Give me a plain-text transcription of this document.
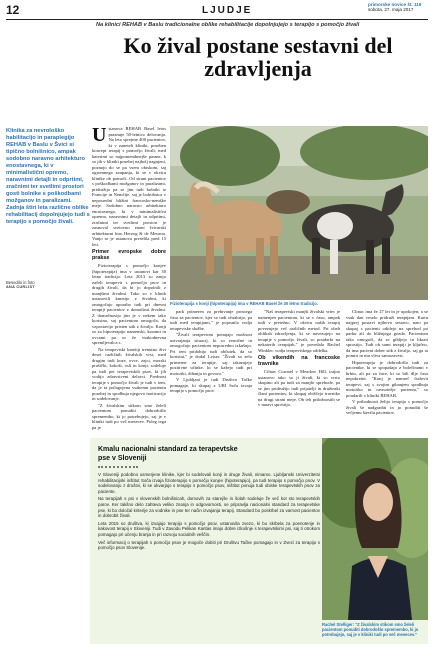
12	LJUDJE	primorske novice št. 119
sobota, 27. maja 2017
Na klinici REHAB v Baslu tradicionalne oblike rehabilitacije dopolnjujejo s terapijo s pomočjo živali
Ko žival postane sestavni del zdravljenja
Klinika za nevrološko habilitacijo in paraplegijo REHAB v Baslu v Švici si tipično bolnišnico, ampak sodobno naravno arhitekturo enostavnega, ki v minimalistični opremo, naravnimi detajli in odprtimi, zračnimi ter svetlimi prostori gosti bolnike s poškodbami možganov in paralizami. Zadnja štiri leta različne oblike rehabilitacij dopolnjujejo tudi s terapijo s pomočjo živali.
Besedilo in foto
ANA CURLIST

Ustanova REHAB Basel letos praznuje 50-letnico delovanja. Na leto sprejme 400 pacientov, ki v zaneteli kliniki, poseben koncept terapij s pomočjo živali, med katerimi so najpomembnejše pasme, k so jih v kliniki posebej najbolj nagnjeni, poznajo do se pa vsem obiskom, saj ogromnega zaupanja, ki se v okviru klinike ob pomoči. Od strani pacientov s poškodbami možganov in paralizami, pridružijo pa se jim tudi bolniki iz Francije in Nemčije, saj je bolnišnica v neposredni bližini francosko-nemške meje. Sodobno naravno arhitekturo enostavnega, ki v minimalistični opremo, naravnimi detajli in odprtimi, zračnimi ter svetlimi prostori je zasnoval svetovno znani švicarski arhitekturni biro Herzog & de Meuron. Vanjo se je ustanova preselila pred 15 leti.

Primer evropske dobre prakse

Fizioterapija s pomočjo konjev (hipoterapija) ima v ustanovi kar 30 letno tradicijo. Leta 2013 so zanjo začeli terapevti s pomočjo psov in drugih živali, da bi jo dopolnili z manjšimi živalmi. Tako so v klinik ustanovili kmetijo z živalmi, ki omogočajo uporabo tudi pri dnevni terapiji pacientov z domačimi živalmi. Z domačnostjo jim je v nekem tako koristno, saj pacientom omogoča, da vzpostavijo pristen stik z živaljo. Konji so za hipoterapijo namenski, kozami in ovcami pa so že vsakodnevna spremljevalca s.

Na terapevtski kmetiji trenutno živi deset različnih živalskih vrst, med drugim tudi koze, ovce, zajci, morski prašički, kokoši, osli in konji, sodeluje pa tudi pet terapevtskih psov, ki jih vodijo zdravstveni delavci. Prednost terapije s pomočjo živali je tudi v tem, da je ta prilagojena vsakemu pacientu posebej in spodbuja njegovo motivacijo in sodelovanje.

"Z živalskim stikom smo želeli pacientom ponuditi dobrodošlo spremembo, ki jo potrebujejo, saj je v kliniki tudi po več mesecev. Poleg tega pa je

Fizioterapija s konji (hipoterapija) ima v REHAB Basel že 30 letno tradicijo.

park primeren za prebivanje prostega časa za pacientov, kjer se tudi ohrabrijo, pa tudi med terapijami," je pojasnila vodja terapevtske službe.

"Živali terapevtom ponujajo možnost ustvarjanja situacij, ki so resnične in omogočajo pacientom neposredno izkušnjo. Pri tem pridobijo tudi občutek, da so koristni," je dodal Leiser. "Živali so zelo primerne za terapije, saj izkazujejo pozitivne učinke, ki se kažejo tudi pri motoriki, dihanju in govoru."

V Ljubljani je tudi Društvo Tačke pomagajo, ki skupaj z URI Soča izvaja terapijo s pomočjo psov.

"Naš terapevtski manjši živalski vrtec je namenjen pacientom, ki se v času, ampak tudi v pretežno. V okviru naših terapij povezujejo več različnih metod. Pri obeh oblikah zdravljenja, ki se navezujejo na terapije s pomočjo živali, so poudarki na nekaterih terapijah," je povedala Rachel Winkler, vodja terapevtskega oddelka.

Ob vikendih na francoske travnike

Cilnac Coronel v Meadow Hill, trajno ustanovo tako so ji živali, ki so vrsto skupino ali pa tudi za manjše sprehode, pa se jim pridružijo tudi prijatelji in družinski člani pacientov, ki skupaj obiščejo travnike na drugi strani meje. Ob teh priložnostih se v naravi sprostijo.

Clinac ima že 27 let in je upokojen, a se vsak dan veselo pridruži terapijam. Kartu najprej postavi njihovo sestavo, nato pa skupaj s pacienti odidejo na sprehod po parku ali do bližnjega gozda. Pacientom tako omogoči, da se gibljejo in hkrati sprostijo. Tudi ob sami terapiji je ključno, da ima pacient dober stik z živaljo, saj ga ta pomiri in mu vliva samozavest.

Hipoterapija je dobrodošla tudi za pacientke, ki se spopadajo z bolečinami v hrbtu, ali pa za tiste, ki so bili dlje časa nepokretni. "Konj je namreč čudovit terapevt, saj s svojim gibanjem spodbuja motoriko in ravnotežje pacienta," so poudarili v kliniki REHAB.

V prihodnosti želijo terapijo s pomočjo živali še nadgraditi in jo ponuditi še večjemu številu pacientov.

Kmalu nacionalni standard za terapevtske pse v Sloveniji

V Sloveniji podobno usmerjene klinike, kjer bi sodelovali konji in druge živali, nimamo. Ljubljanski Univerzitetni rehabilitacijski inštitut Soča izvaja fizioterapijo s pomočjo konjev (hipoterapijo), pa tudi terapijo s pomočjo psov. V sodelovanju z društvi, ki se ukvarjajo s terapijo s pomočjo psov, inštitut ponuja tudi obiske terapevtskih psov za paciente.

Na terapijah s psi v slovenskih bolnišnicah, domovih za starejše in šolah sodeluje že več kot sto terapevtskih parov. Ker takšno delo zahteva veliko znanja in odgovornosti, se pripravlja nacionalni standard za terapevtske pse, ki bo določal kriterije za vodnike in pse ter način izvajanja terapij. Standard bo poskrbel za varnost pacientov in dobrobit živali.

Leta 2015 so društva, ki izvajajo terapijo s pomočjo psov, ustanovila zvezo, ki bo skrbela za poenotenje in kakovost terapij v Sloveniji. Tudi v Zavodu Pelikan Karitas imajo dobre izkušnje s terapevtskimi psi, saj ti otrokom pomagajo pri učenju branja in pri razvoju socialnih veščin.

Več informacij o terapijah s pomočjo psov je mogoče dobiti pri Društvu Tačke pomagajo in v Zvezi za terapijo s pomočjo psov Slovenije.

Rachel Stelliger: "Z živalskim stikom smo želeli pacientom ponuditi dobrodošlo spremembo, ki jo potrebujejo, saj je v kliniki tudi po več mesecev."
